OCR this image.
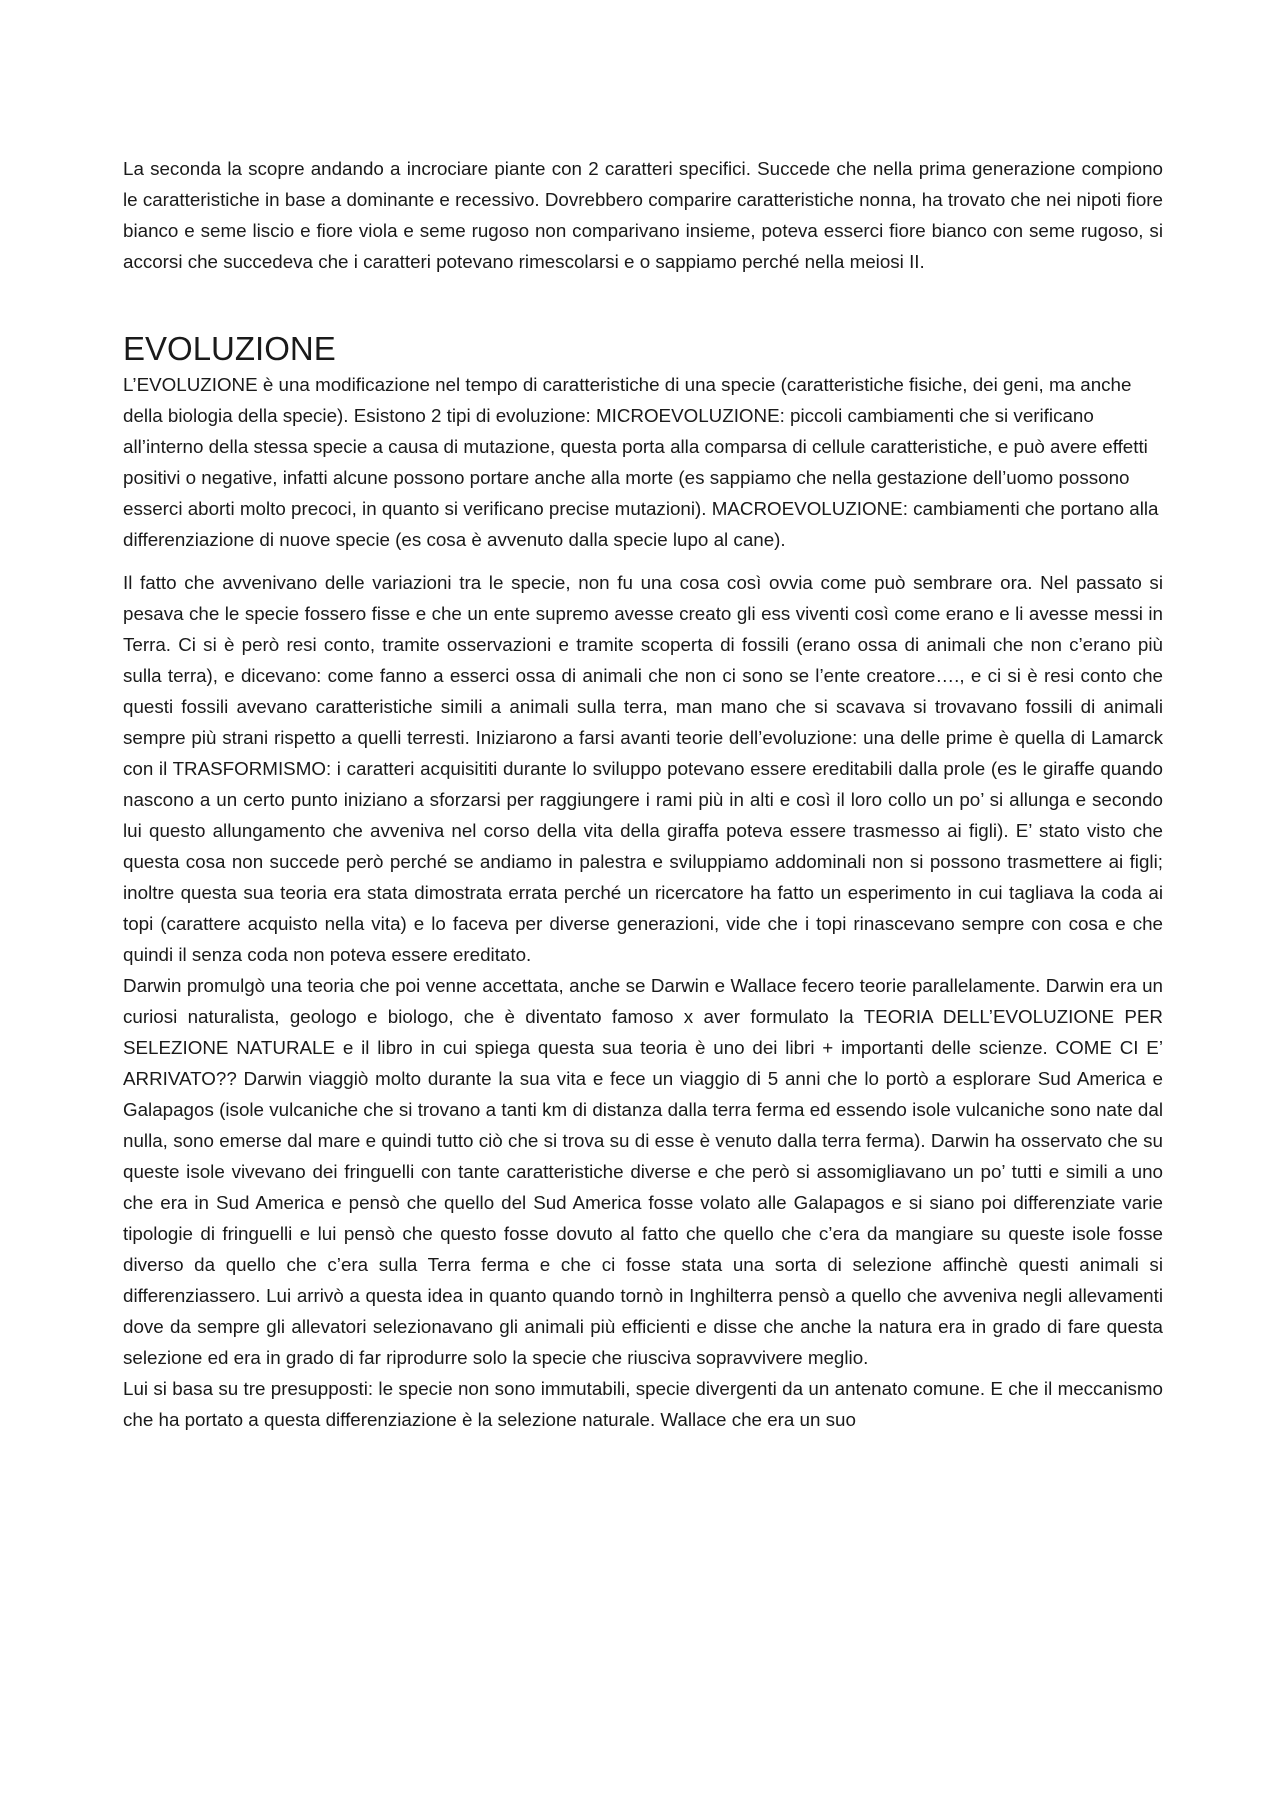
La seconda la scopre andando a incrociare piante con 2 caratteri specifici. Succede che nella prima generazione compiono le caratteristiche in base a dominante e recessivo. Dovrebbero comparire caratteristiche nonna, ha trovato che nei nipoti fiore bianco e seme liscio e fiore viola e seme rugoso non comparivano insieme, poteva esserci fiore bianco con seme rugoso, si accorsi che succedeva che i caratteri potevano rimescolarsi e o sappiamo perché nella meiosi II.

EVOLUZIONE

L’EVOLUZIONE è una modificazione nel tempo di caratteristiche di una specie (caratteristiche fisiche, dei geni, ma anche della biologia della specie). Esistono 2 tipi di evoluzione: MICROEVOLUZIONE: piccoli cambiamenti che si verificano all’interno della stessa specie a causa di mutazione, questa porta alla comparsa di cellule caratteristiche, e può avere effetti positivi o negative, infatti alcune possono portare anche alla morte (es sappiamo che nella gestazione dell’uomo possono esserci aborti molto precoci, in quanto si verificano precise mutazioni). MACROEVOLUZIONE: cambiamenti che portano alla differenziazione di nuove specie (es cosa è avvenuto dalla specie lupo al cane).

Il fatto che avvenivano delle variazioni tra le specie, non fu una cosa così ovvia come può sembrare ora. Nel passato si pesava che le specie fossero fisse e che un ente supremo avesse creato gli ess viventi così come erano e li avesse messi in Terra. Ci si è però resi conto, tramite osservazioni e tramite scoperta di fossili (erano ossa di animali che non c’erano più sulla terra), e dicevano: come fanno a esserci ossa di animali che non ci sono se l’ente creatore…., e ci si è resi conto che questi fossili avevano caratteristiche simili a animali sulla terra, man mano che si scavava si trovavano fossili di animali sempre più strani rispetto a quelli terresti. Iniziarono a farsi avanti teorie dell’evoluzione: una delle prime è quella di Lamarck con il TRASFORMISMO: i caratteri acquisititi durante lo sviluppo potevano essere ereditabili dalla prole (es le giraffe quando nascono a un certo punto iniziano a sforzarsi per raggiungere i rami più in alti e così il loro collo un po’ si allunga e secondo lui questo allungamento che avveniva nel corso della vita della giraffa poteva essere trasmesso ai figli). E’ stato visto che questa cosa non succede però perché se andiamo in palestra e sviluppiamo addominali non si possono trasmettere ai figli; inoltre questa sua teoria era stata dimostrata errata perché un ricercatore ha fatto un esperimento in cui tagliava la coda ai topi (carattere acquisto nella vita) e lo faceva per diverse generazioni, vide che i topi rinascevano sempre con cosa e che quindi il senza coda non poteva essere ereditato.

Darwin promulgò una teoria che poi venne accettata, anche se Darwin e Wallace fecero teorie parallelamente. Darwin era un curiosi naturalista, geologo e biologo, che è diventato famoso x aver formulato la TEORIA DELL’EVOLUZIONE PER SELEZIONE NATURALE e il libro in cui spiega questa sua teoria è uno dei libri + importanti delle scienze. COME CI E’ ARRIVATO?? Darwin viaggiò molto durante la sua vita e fece un viaggio di 5 anni che lo portò a esplorare Sud America e Galapagos (isole vulcaniche che si trovano a tanti km di distanza dalla terra ferma ed essendo isole vulcaniche sono nate dal nulla, sono emerse dal mare e quindi tutto ciò che si trova su di esse è venuto dalla terra ferma). Darwin ha osservato che su queste isole vivevano dei fringuelli con tante caratteristiche diverse e che però si assomigliavano un po’ tutti e simili a uno che era in Sud America e pensò che quello del Sud America fosse volato alle Galapagos e si siano poi differenziate varie tipologie di fringuelli e lui pensò che questo fosse dovuto al fatto che quello che c’era da mangiare su queste isole fosse diverso da quello che c’era sulla Terra ferma e che ci fosse stata una sorta di selezione affinchè questi animali si differenziassero. Lui arrivò a questa idea in quanto quando tornò in Inghilterra pensò a quello che avveniva negli allevamenti dove da sempre gli allevatori selezionavano gli animali più efficienti e disse che anche la natura era in grado di fare questa selezione ed era in grado di far riprodurre solo la specie che riusciva sopravvivere meglio.

Lui si basa su tre presupposti: le specie non sono immutabili, specie divergenti da un antenato comune. E che il meccanismo che ha portato a questa differenziazione è la selezione naturale. Wallace che era un suo
